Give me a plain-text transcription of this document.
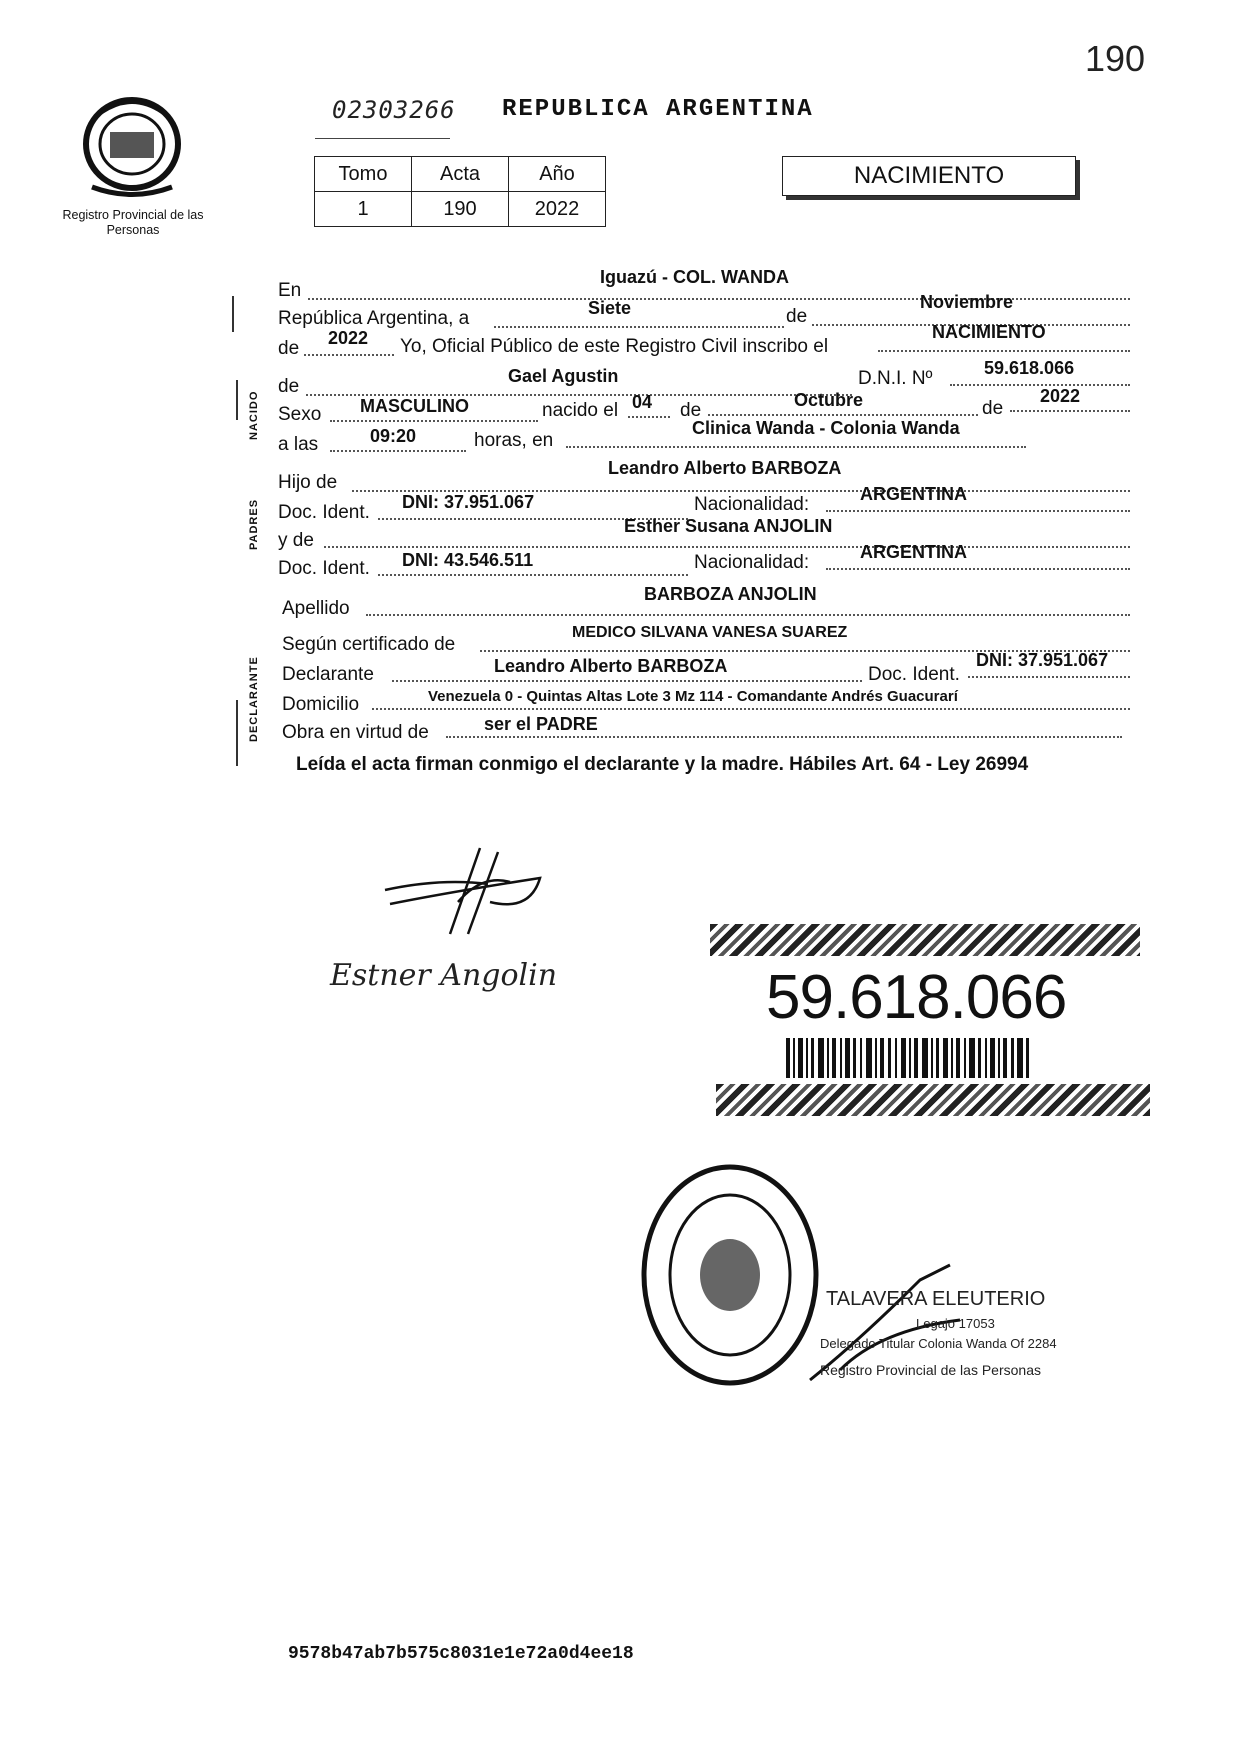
190
02303266 REPUBLICA ARGENTINA
Registro Provincial de las Personas
Tomo	Acta	Año
1	190	2022
NACIMIENTO
NACIDO
PADRES
DECLARANTE
En
Iguazú - COL. WANDA
República Argentina, a	Siete	de
Noviembre
de 2022 Yo, Oficial Público de este Registro Civil inscribo el
NACIMIENTO
de	Gael Agustin	D.N.I. Nº	59.618.066
Sexo MASCULINO	nacido el 04 de	Octubre	de
2022
a las	09:20	horas, en
Clinica Wanda - Colonia Wanda
Hijo de
Leandro Alberto BARBOZA
Doc. Ident. DNI: 37.951.067	Nacionalidad:	ARGENTINA
y de
Esther Susana ANJOLIN
Doc. Ident. DNI: 43.546.511	Nacionalidad:	ARGENTINA
Apellido
BARBOZA ANJOLIN
Según certificado de
MEDICO SILVANA VANESA SUAREZ
Declarante	Leandro Alberto BARBOZA	Doc. Ident.
DNI: 37.951.067
Domicilio	Venezuela 0 - Quintas Altas Lote 3 Mz 114 - Comandante Andrés Guacurarí
Obra en virtud de	ser el PADRE
Leída el acta firman conmigo el declarante y la madre. Hábiles Art. 64 - Ley 26994
Estner Angolin	59.618.066
TALAVERA ELEUTERIO
Legajo 17053
Delegado Titular Colonia Wanda Of 2284
Registro Provincial de las Personas
9578b47ab7b575c8031e1e72a0d4ee18
